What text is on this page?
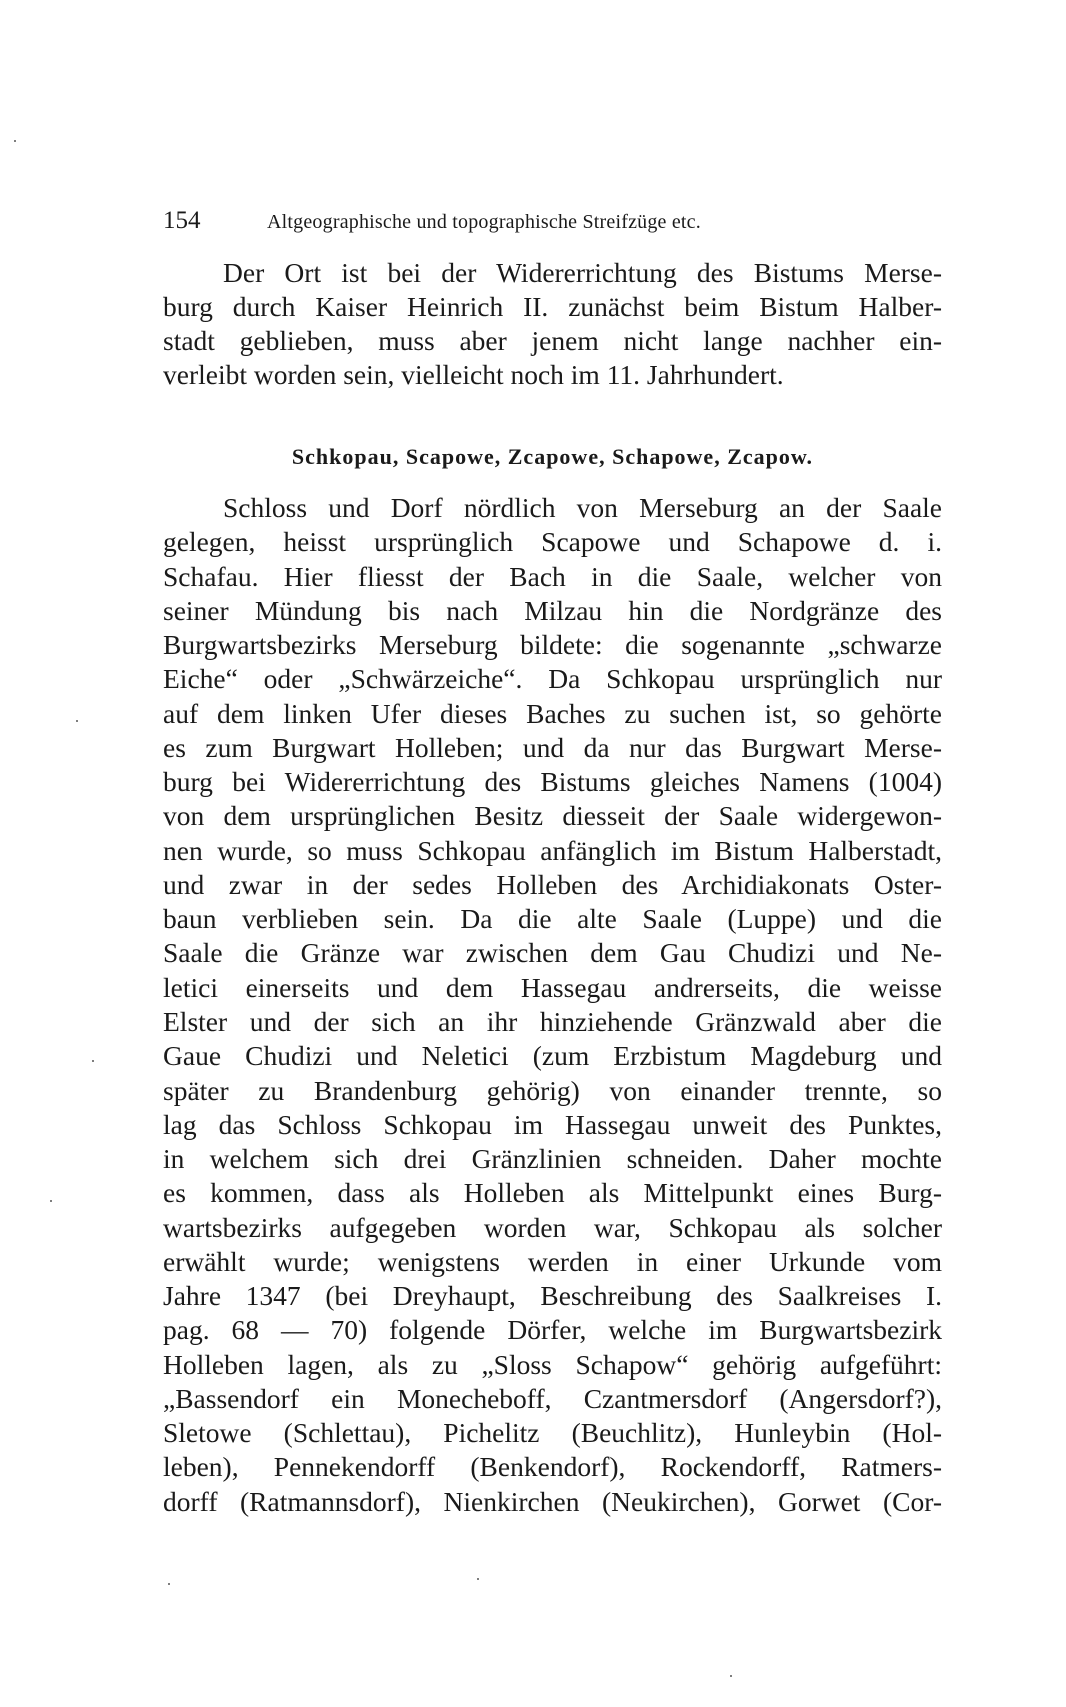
154	Altgeographische und topographische Streifzüge etc.

Der Ort ist bei der Widererrichtung des Bistums Merse-
burg durch Kaiser Heinrich II. zunächst beim Bistum Halber-
stadt geblieben, muss aber jenem nicht lange nachher ein-
verleibt worden sein, vielleicht noch im 11. Jahrhundert.

Schkopau, Scapowe, Zcapowe, Schapowe, Zcapow.

Schloss und Dorf nördlich von Merseburg an der Saale
gelegen, heisst ursprünglich Scapowe und Schapowe d. i.
Schafau. Hier fliesst der Bach in die Saale, welcher von
seiner Mündung bis nach Milzau hin die Nordgränze des
Burgwartsbezirks Merseburg bildete: die sogenannte „schwarze
Eiche“ oder „Schwärzeiche“. Da Schkopau ursprünglich nur
auf dem linken Ufer dieses Baches zu suchen ist, so gehörte
es zum Burgwart Holleben; und da nur das Burgwart Merse-
burg bei Widererrichtung des Bistums gleiches Namens (1004)
von dem ursprünglichen Besitz diesseit der Saale widergewon-
nen wurde, so muss Schkopau anfänglich im Bistum Halberstadt,
und zwar in der sedes Holleben des Archidiakonats Oster-
baun verblieben sein. Da die alte Saale (Luppe) und die
Saale die Gränze war zwischen dem Gau Chudizi und Ne-
letici einerseits und dem Hassegau andrerseits, die weisse
Elster und der sich an ihr hinziehende Gränzwald aber die
Gaue Chudizi und Neletici (zum Erzbistum Magdeburg und
später zu Brandenburg gehörig) von einander trennte, so
lag das Schloss Schkopau im Hassegau unweit des Punktes,
in welchem sich drei Gränzlinien schneiden. Daher mochte
es kommen, dass als Holleben als Mittelpunkt eines Burg-
wartsbezirks aufgegeben worden war, Schkopau als solcher
erwählt wurde; wenigstens werden in einer Urkunde vom
Jahre 1347 (bei Dreyhaupt, Beschreibung des Saalkreises I.
pag. 68 — 70) folgende Dörfer, welche im Burgwartsbezirk
Holleben lagen, als zu „Sloss Schapow“ gehörig aufgeführt:
„Bassendorf ein Monecheboff, Czantmersdorf (Angersdorf?),
Sletowe (Schlettau), Pichelitz (Beuchlitz), Hunleybin (Hol-
leben), Pennekendorff (Benkendorf), Rockendorff, Ratmers-
dorff (Ratmannsdorf), Nienkirchen (Neukirchen), Gorwet (Cor-
